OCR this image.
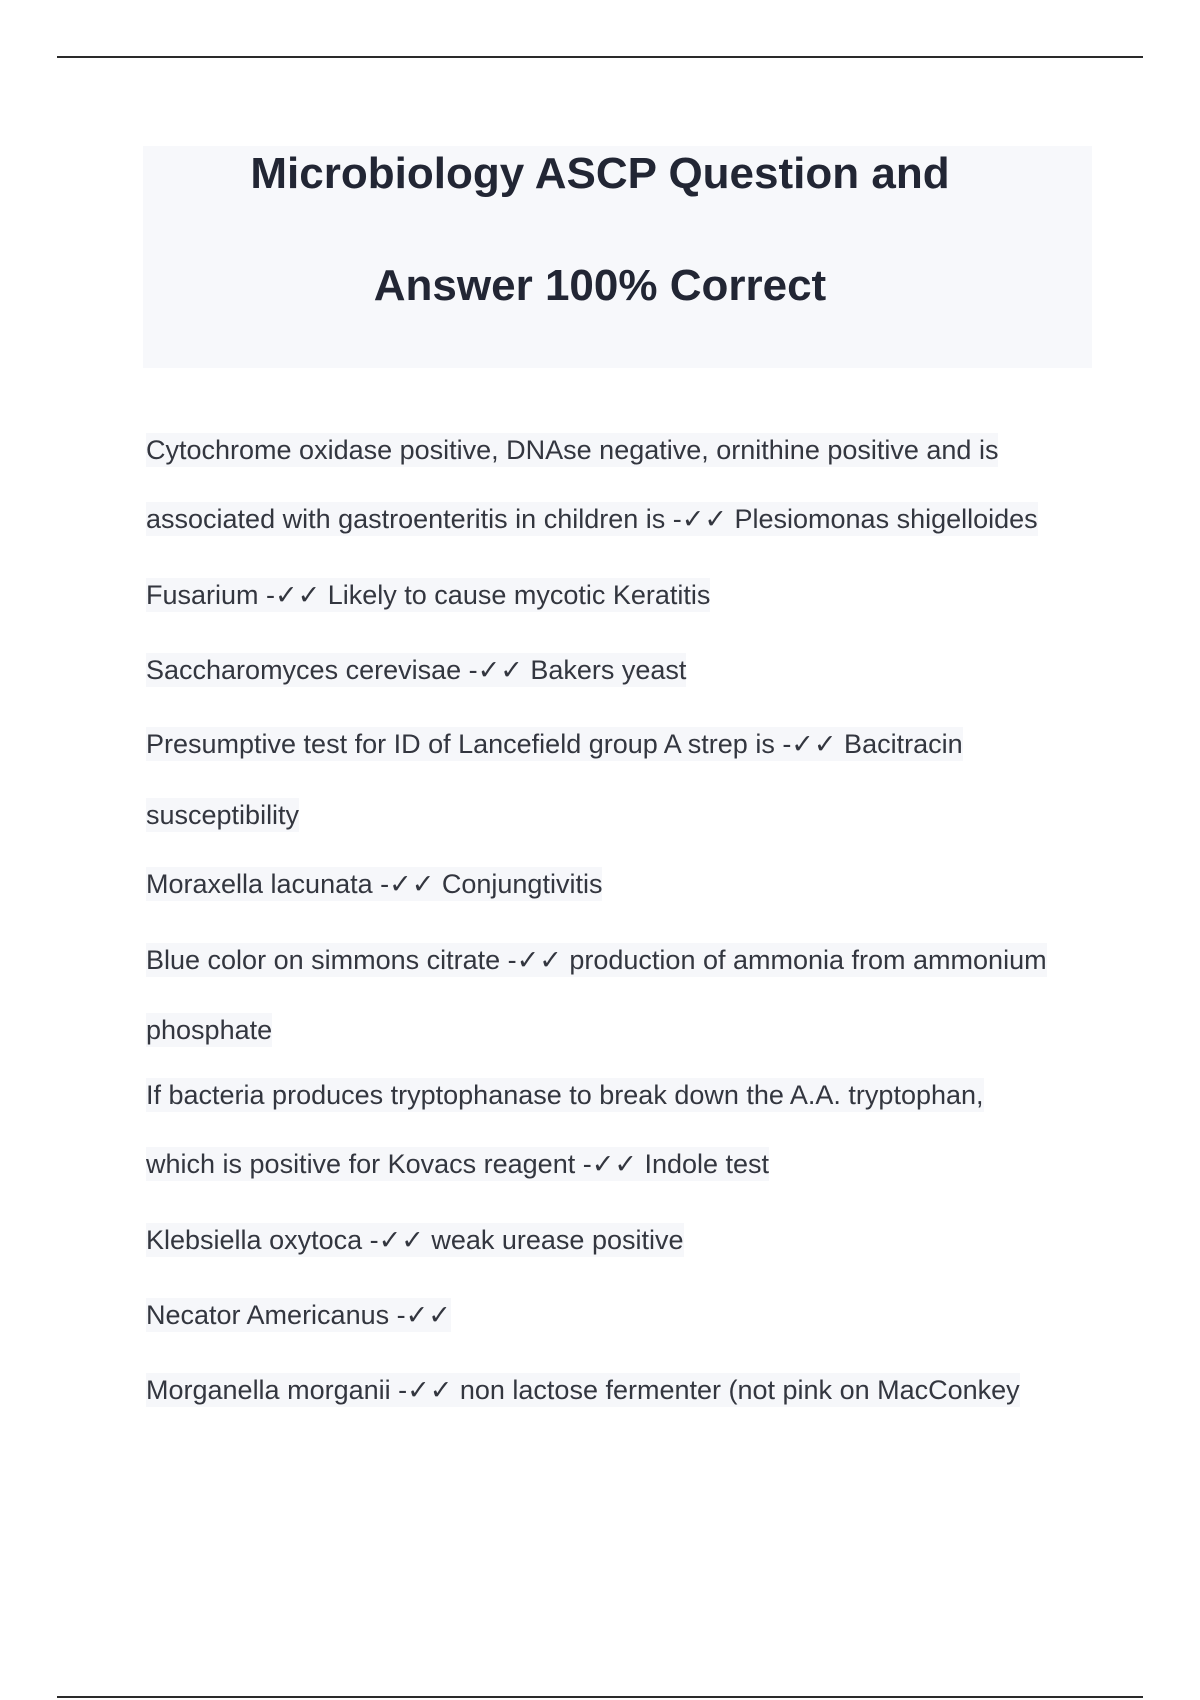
Microbiology ASCP Question and
Answer 100% Correct
Cytochrome oxidase positive, DNAse negative, ornithine positive and is
associated with gastroenteritis in children is -✓✓ Plesiomonas shigelloides
Fusarium -✓✓ Likely to cause mycotic Keratitis
Saccharomyces cerevisae -✓✓ Bakers yeast
Presumptive test for ID of Lancefield group A strep is -✓✓ Bacitracin
susceptibility
Moraxella lacunata -✓✓ Conjungtivitis
Blue color on simmons citrate -✓✓ production of ammonia from ammonium
phosphate
If bacteria produces tryptophanase to break down the A.A. tryptophan,
which is positive for Kovacs reagent -✓✓ Indole test
Klebsiella oxytoca -✓✓ weak urease positive
Necator Americanus -✓✓
Morganella morganii -✓✓ non lactose fermenter (not pink on MacConkey
